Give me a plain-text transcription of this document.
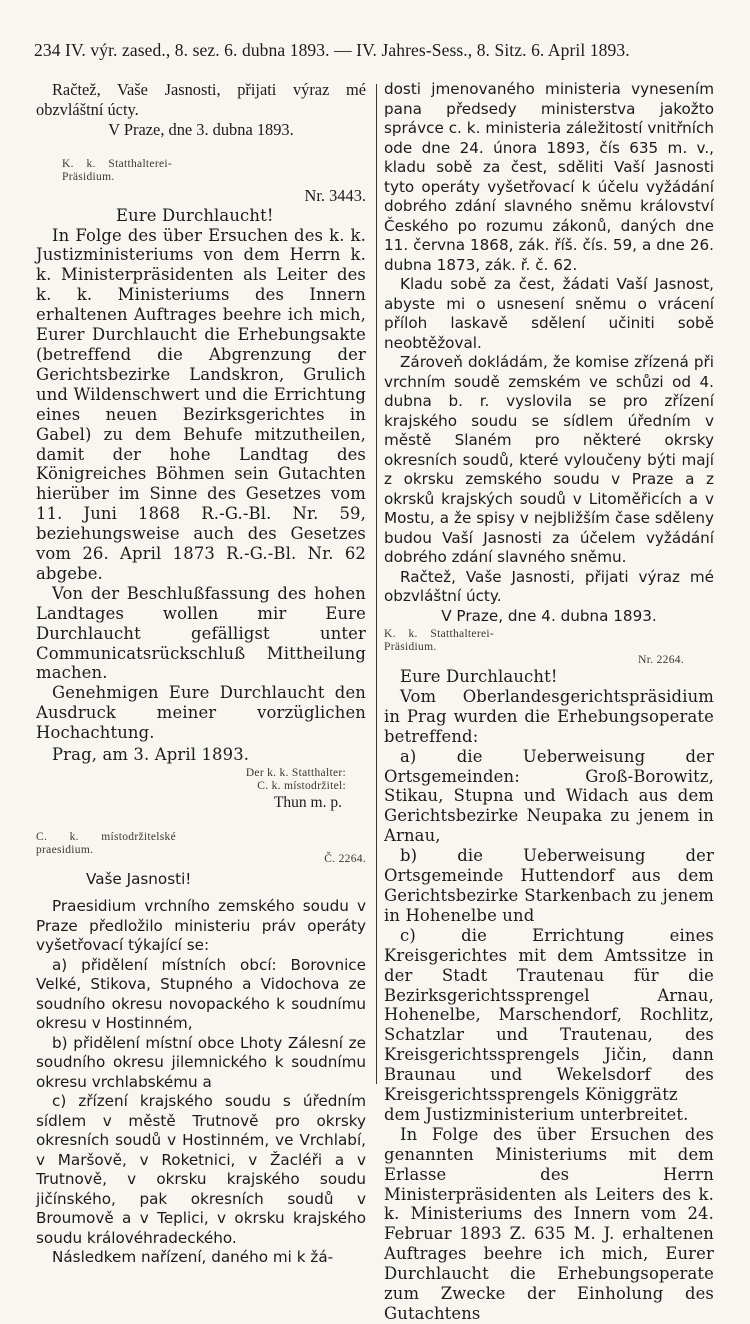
234 IV. výr. zased., 8. sez. 6. dubna 1893. — IV. Jahres-Sess., 8. Sitz. 6. April 1893.

Račtež, Vaše Jasnosti, přijati výraz mé obzvláštní úcty.

V Praze, dne 3. dubna 1893.

K. k. Statthalterei-Präsidium.

Nr. 3443.

Eure Durchlaucht!

In Folge des über Ersuchen des k. k. Justizministeriums von dem Herrn k. k. Ministerpräsidenten als Leiter des k. k. Ministeriums des Innern erhaltenen Auftrages beehre ich mich, Eurer Durchlaucht die Erhebungsakte (betreffend die Abgrenzung der Gerichtsbezirke Landskron, Grulich und Wildenschwert und die Errichtung eines neuen Bezirksgerichtes in Gabel) zu dem Behufe mitzutheilen, damit der hohe Landtag des Königreiches Böhmen sein Gutachten hierüber im Sinne des Gesetzes vom 11. Juni 1868 R.-G.-Bl. Nr. 59, beziehungsweise auch des Gesetzes vom 26. April 1873 R.-G.-Bl. Nr. 62 abgebe.

Von der Beschlußfassung des hohen Landtages wollen mir Eure Durchlaucht gefälligst unter Communicatsrückschluß Mittheilung machen.

Genehmigen Eure Durchlaucht den Ausdruck meiner vorzüglichen Hochachtung.

Prag, am 3. April 1893.

Der k. k. Statthalter:

C. k. místodržitel:

Thun m. p.

C. k. místodržitelské praesidium.

Č. 2264.

Vaše Jasnosti!

Praesidium vrchního zemského soudu v Praze předložilo ministeriu práv operáty vyšetřovací týkající se:

a) přidělení místních obcí: Borovnice Velké, Stikova, Stupného a Vidochova ze soudního okresu novopackého k soudnímu okresu v Hostinném,

b) přidělení místní obce Lhoty Zálesní ze soudního okresu jilemnického k soudnímu okresu vrchlabskému a

c) zřízení krajského soudu s úředním sídlem v městě Trutnově pro okrsky okresních soudů v Hostinném, ve Vrchlabí, v Maršově, v Roketnici, v Žacléři a v Trutnově, v okrsku krajského soudu jičínského, pak okresních soudů v Broumově a v Teplici, v okrsku krajského soudu královéhradeckého.

Následkem nařízení, daného mi k žá-

dosti jmenovaného ministeria vynesením pana předsedy ministerstva jakožto správce c. k. ministeria záležitostí vnitřních ode dne 24. února 1893, čís 635 m. v., kladu sobě za čest, sděliti Vaší Jasnosti tyto operáty vyšetřovací k účelu vyžádání dobrého zdání slavného sněmu království Českého po rozumu zákonů, daných dne 11. června 1868, zák. říš. čís. 59, a dne 26. dubna 1873, zák. ř. č. 62.

Kladu sobě za čest, žádati Vaší Jasnost, abyste mi o usnesení sněmu o vrácení příloh laskavě sdělení učiniti sobě neobtěžoval.

Zároveň dokládám, že komise zřízená při vrchním soudě zemském ve schůzi od 4. dubna b. r. vyslovila se pro zřízení krajského soudu se sídlem úředním v městě Slaném pro některé okrsky okresních soudů, které vyloučeny býti mají z okrsku zemského soudu v Praze a z okrsků krajských soudů v Litoměřicích a v Mostu, a že spisy v nejbližším čase sděleny budou Vaší Jasnosti za účelem vyžádání dobrého zdání slavného sněmu.

Račtež, Vaše Jasnosti, přijati výraz mé obzvláštní úcty.

V Praze, dne 4. dubna 1893.

K. k. Statthalterei-Präsidium.

Nr. 2264.

Eure Durchlaucht!

Vom Oberlandesgerichtspräsidium in Prag wurden die Erhebungsoperate betreffend:

a) die Ueberweisung der Ortsgemeinden: Groß-Borowitz, Stikau, Stupna und Widach aus dem Gerichtsbezirke Neupaka zu jenem in Arnau,

b) die Ueberweisung der Ortsgemeinde Huttendorf aus dem Gerichtsbezirke Starkenbach zu jenem in Hohenelbe und

c) die Errichtung eines Kreisgerichtes mit dem Amtssitze in der Stadt Trautenau für die Bezirksgerichtssprengel Arnau, Hohenelbe, Marschendorf, Rochlitz, Schatzlar und Trautenau, des Kreisgerichtssprengels Jičin, dann Braunau und Wekelsdorf des Kreisgerichtssprengels Königgrätz

dem Justizministerium unterbreitet.

In Folge des über Ersuchen des genannten Ministeriums mit dem Erlasse des Herrn Ministerpräsidenten als Leiters des k. k. Ministeriums des Innern vom 24. Februar 1893 Z. 635 M. J. erhaltenen Auftrages beehre ich mich, Eurer Durchlaucht die Erhebungsoperate zum Zwecke der Einholung des Gutachtens
